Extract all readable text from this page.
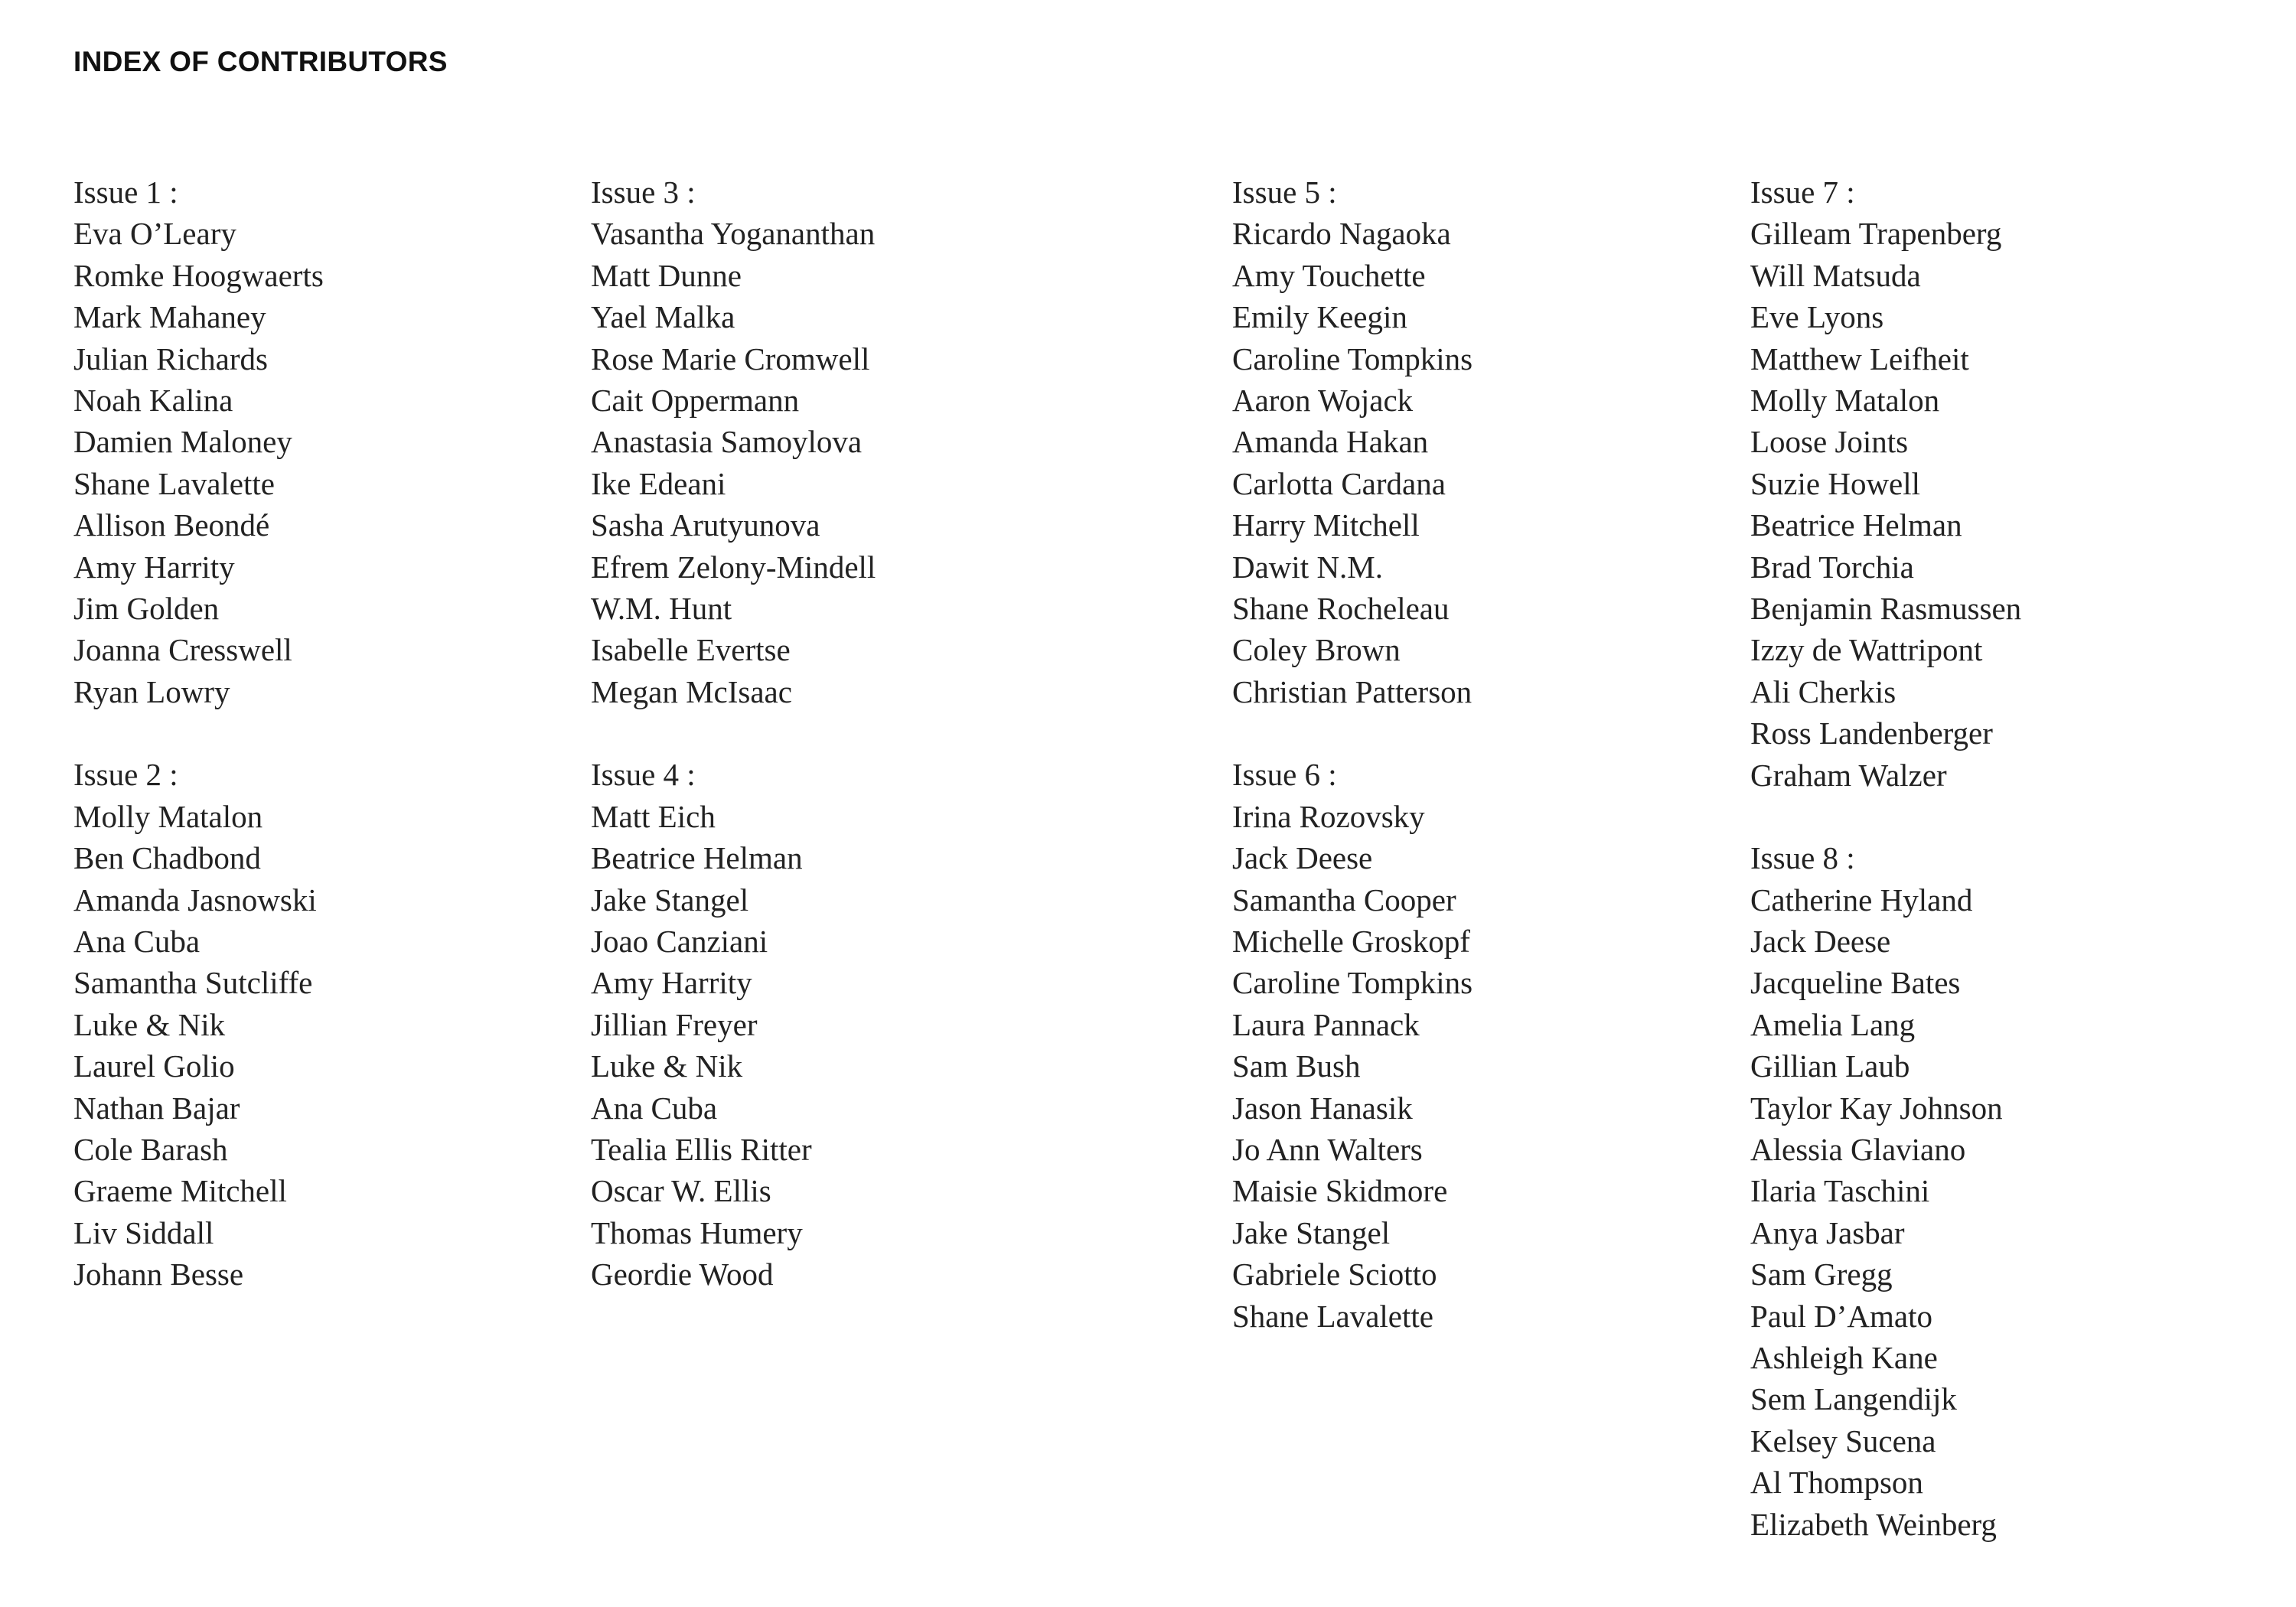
INDEX OF CONTRIBUTORS
Issue 1 :
Eva O’Leary
Romke Hoogwaerts
Mark Mahaney
Julian Richards
Noah Kalina
Damien Maloney
Shane Lavalette
Allison Beondé
Amy Harrity
Jim Golden
Joanna Cresswell
Ryan Lowry
Issue 2 :
Molly Matalon
Ben Chadbond
Amanda Jasnowski
Ana Cuba
Samantha Sutcliffe
Luke & Nik
Laurel Golio
Nathan Bajar
Cole Barash
Graeme Mitchell
Liv Siddall
Johann Besse
Issue 3 :
Vasantha Yogananthan
Matt Dunne
Yael Malka
Rose Marie Cromwell
Cait Oppermann
Anastasia Samoylova
Ike Edeani
Sasha Arutyunova
Efrem Zelony-Mindell
W.M. Hunt
Isabelle Evertse
Megan McIsaac
Issue 4 :
Matt Eich
Beatrice Helman
Jake Stangel
Joao Canziani
Amy Harrity
Jillian Freyer
Luke & Nik
Ana Cuba
Tealia Ellis Ritter
Oscar W. Ellis
Thomas Humery
Geordie Wood
Issue 5 :
Ricardo Nagaoka
Amy Touchette
Emily Keegin
Caroline Tompkins
Aaron Wojack
Amanda Hakan
Carlotta Cardana
Harry Mitchell
Dawit N.M.
Shane Rocheleau
Coley Brown
Christian Patterson
Issue 6 :
Irina Rozovsky
Jack Deese
Samantha Cooper
Michelle Groskopf
Caroline Tompkins
Laura Pannack
Sam Bush
Jason Hanasik
Jo Ann Walters
Maisie Skidmore
Jake Stangel
Gabriele Sciotto
Shane Lavalette
Issue 7 :
Gilleam Trapenberg
Will Matsuda
Eve Lyons
Matthew Leifheit
Molly Matalon
Loose Joints
Suzie Howell
Beatrice Helman
Brad Torchia
Benjamin Rasmussen
Izzy de Wattripont
Ali Cherkis
Ross Landenberger
Graham Walzer
Issue 8 :
Catherine Hyland
Jack Deese
Jacqueline Bates
Amelia Lang
Gillian Laub
Taylor Kay Johnson
Alessia Glaviano
Ilaria Taschini
Anya Jasbar
Sam Gregg
Paul D’Amato
Ashleigh Kane
Sem Langendijk
Kelsey Sucena
Al Thompson
Elizabeth Weinberg
